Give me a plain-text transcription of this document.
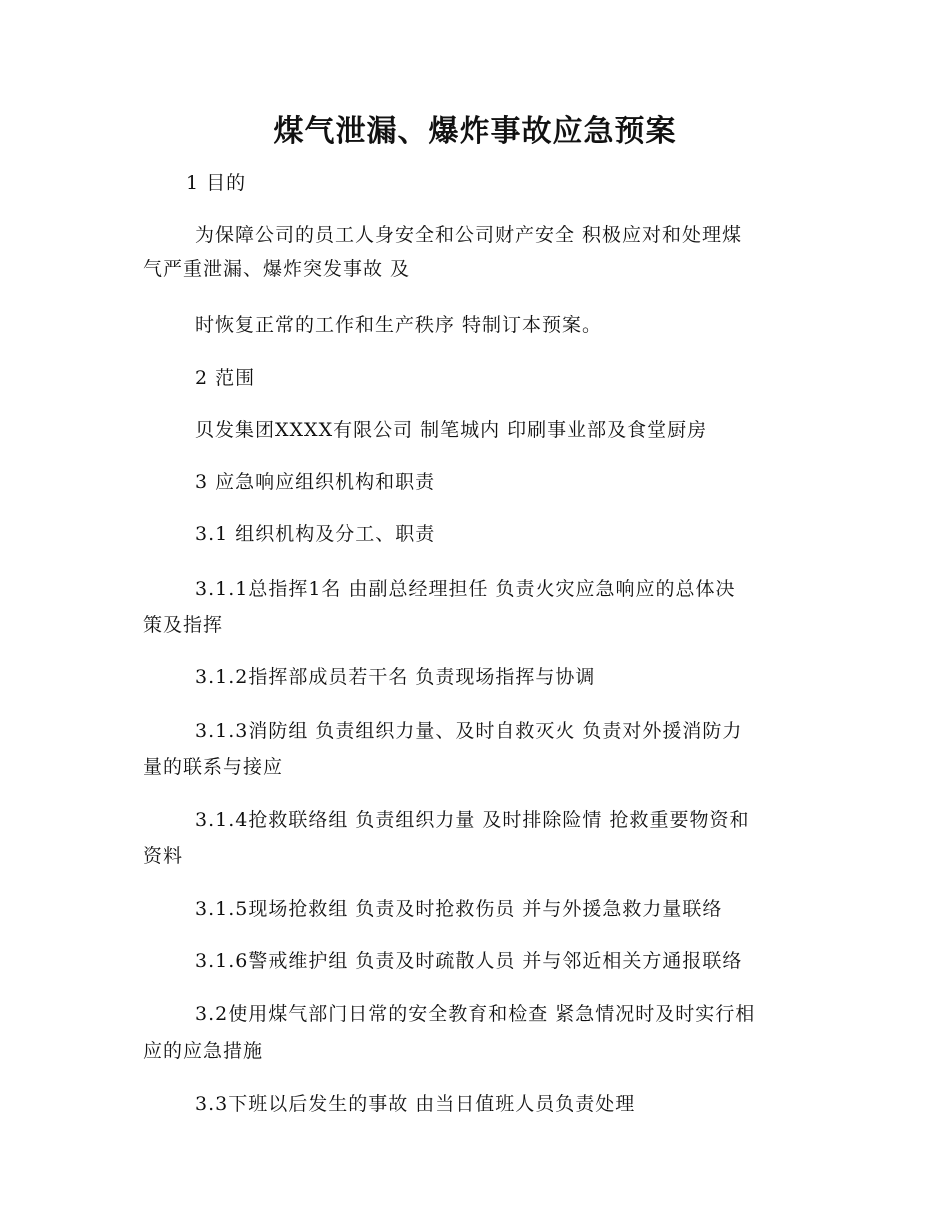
煤气泄漏、爆炸事故应急预案
1 目的
为保障公司的员工人身安全和公司财产安全 积极应对和处理煤
气严重泄漏、爆炸突发事故 及
时恢复正常的工作和生产秩序 特制订本预案。
2 范围
贝发集团XXXX有限公司 制笔城内 印刷事业部及食堂厨房
3 应急响应组织机构和职责
3.1 组织机构及分工、职责
3.1.1总指挥1名 由副总经理担任 负责火灾应急响应的总体决
策及指挥
3.1.2指挥部成员若干名 负责现场指挥与协调
3.1.3消防组 负责组织力量、及时自救灭火 负责对外援消防力
量的联系与接应
3.1.4抢救联络组 负责组织力量 及时排除险情 抢救重要物资和
资料
3.1.5现场抢救组 负责及时抢救伤员 并与外援急救力量联络
3.1.6警戒维护组 负责及时疏散人员 并与邻近相关方通报联络
3.2使用煤气部门日常的安全教育和检查 紧急情况时及时实行相
应的应急措施
3.3下班以后发生的事故 由当日值班人员负责处理
